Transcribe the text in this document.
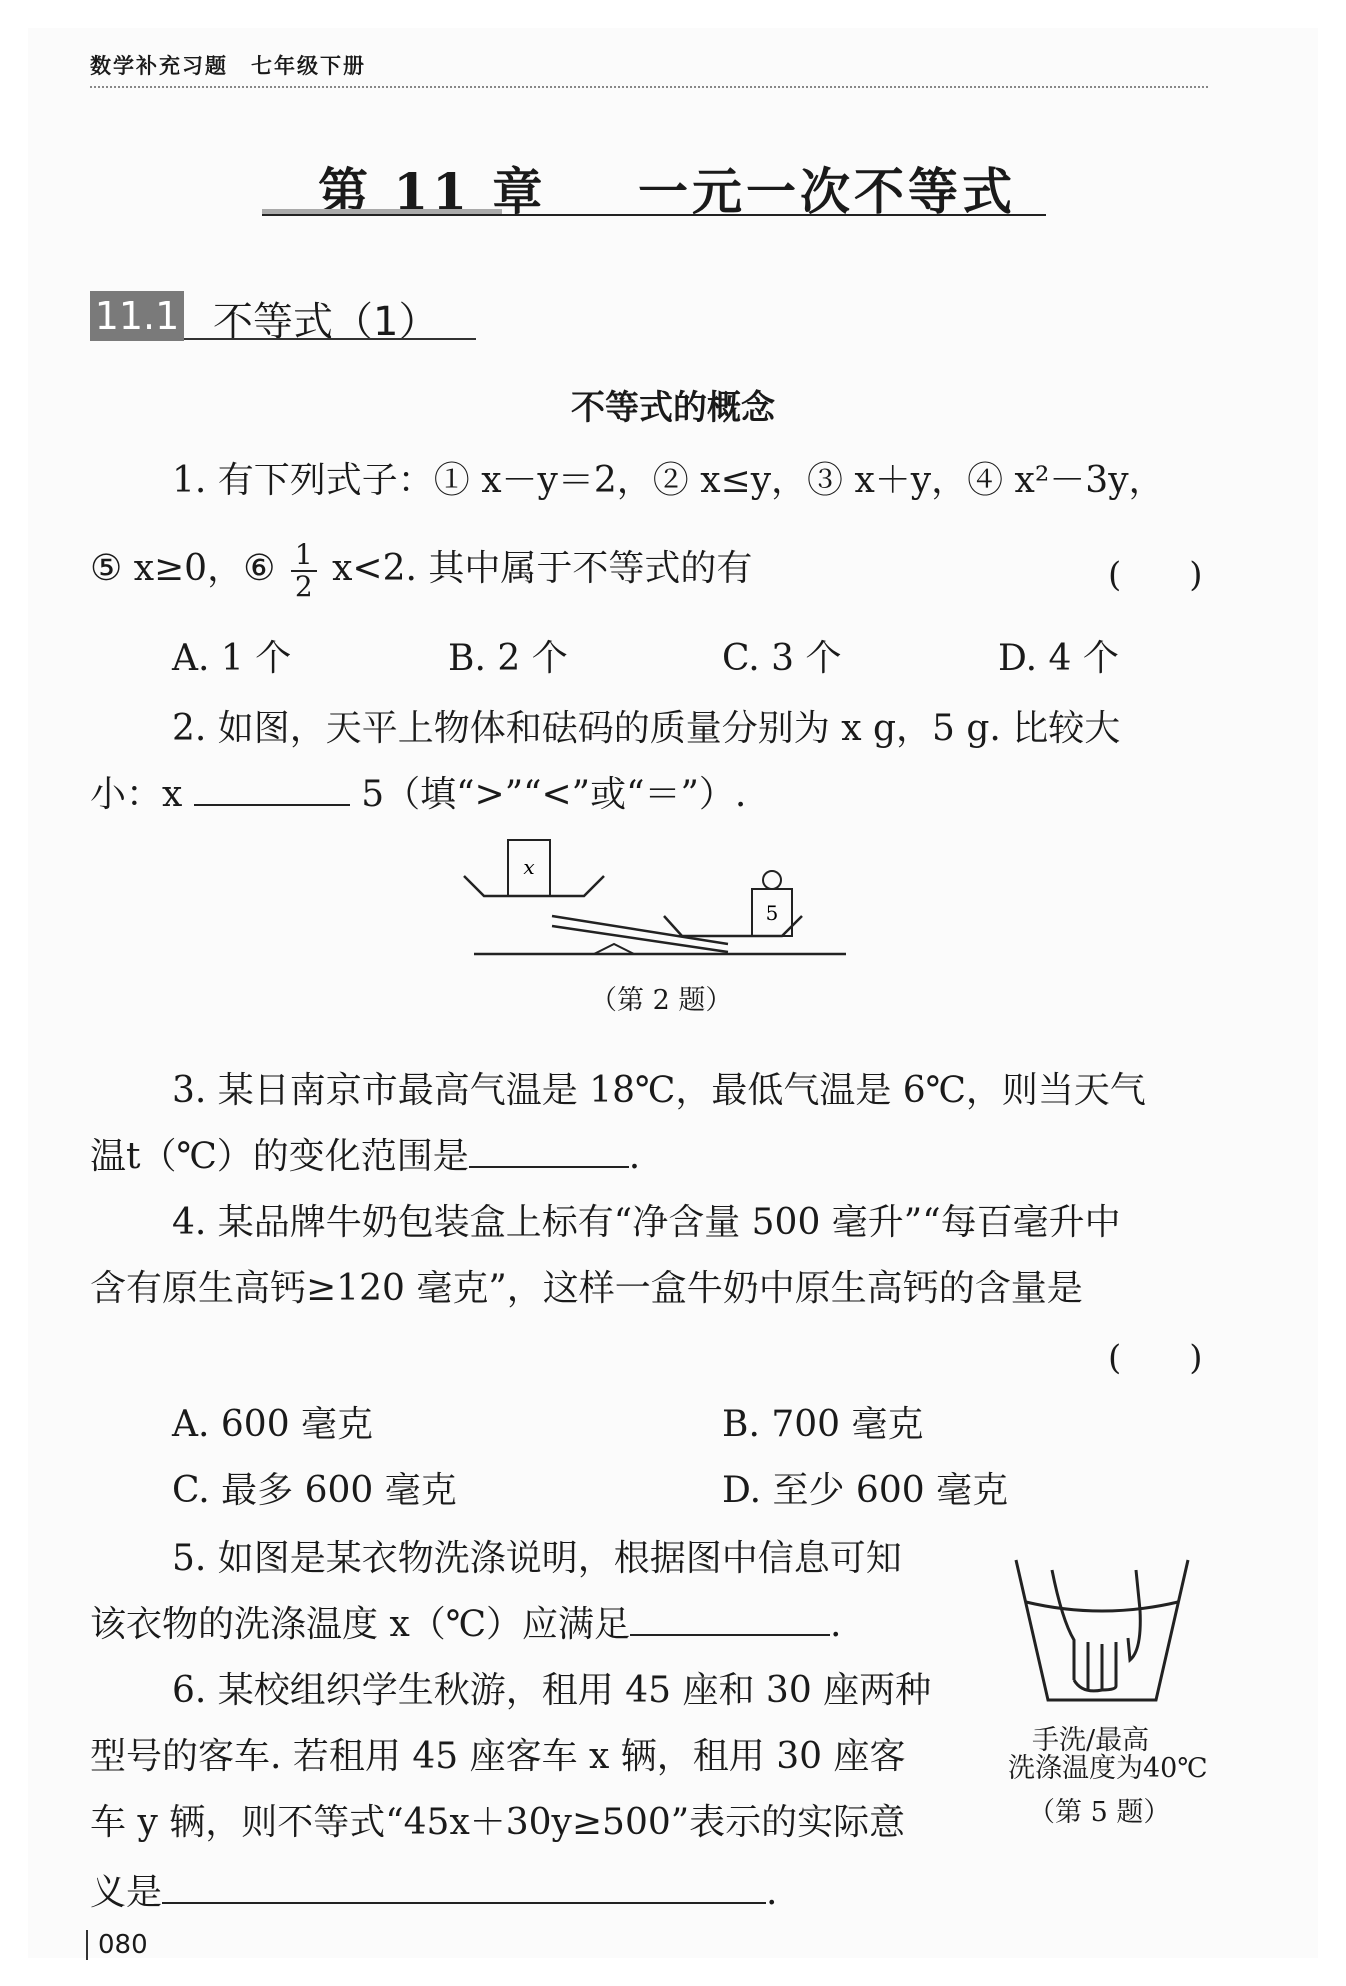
数学补充习题　七年级下册
第 11 章 一元一次不等式
11.1 不等式（1）
不等式的概念
1. 有下列式子：① x－y＝2，② x≤y，③ x＋y，④ x²－3y，
⑤ x≥0，⑥ $\frac{1}{2} x<2$. 其中属于不等式的有	(　　)
A. 1 个	B. 2 个	C. 3 个	D. 4 个
2. 如图，天平上物体和砝码的质量分别为 x g，5 g. 比较大
小：x	5（填“>”“<”或“＝”）.
x
5
（第 2 题）
3. 某日南京市最高气温是 18℃，最低气温是 6℃，则当天气
温t（℃）的变化范围是	.
4. 某品牌牛奶包装盒上标有“净含量 500 毫升”“每百毫升中
含有原生高钙≥120 毫克”，这样一盒牛奶中原生高钙的含量是
(　　)
A. 600 毫克	B. 700 毫克
C. 最多 600 毫克	D. 至少 600 毫克
5. 如图是某衣物洗涤说明，根据图中信息可知
该衣物的洗涤温度 x（℃）应满足	.
手洗/最高
洗涤温度为40℃
（第 5 题）
6. 某校组织学生秋游，租用 45 座和 30 座两种
型号的客车. 若租用 45 座客车 x 辆，租用 30 座客
车 y 辆，则不等式“45x＋30y≥500”表示的实际意
义是	.
080
